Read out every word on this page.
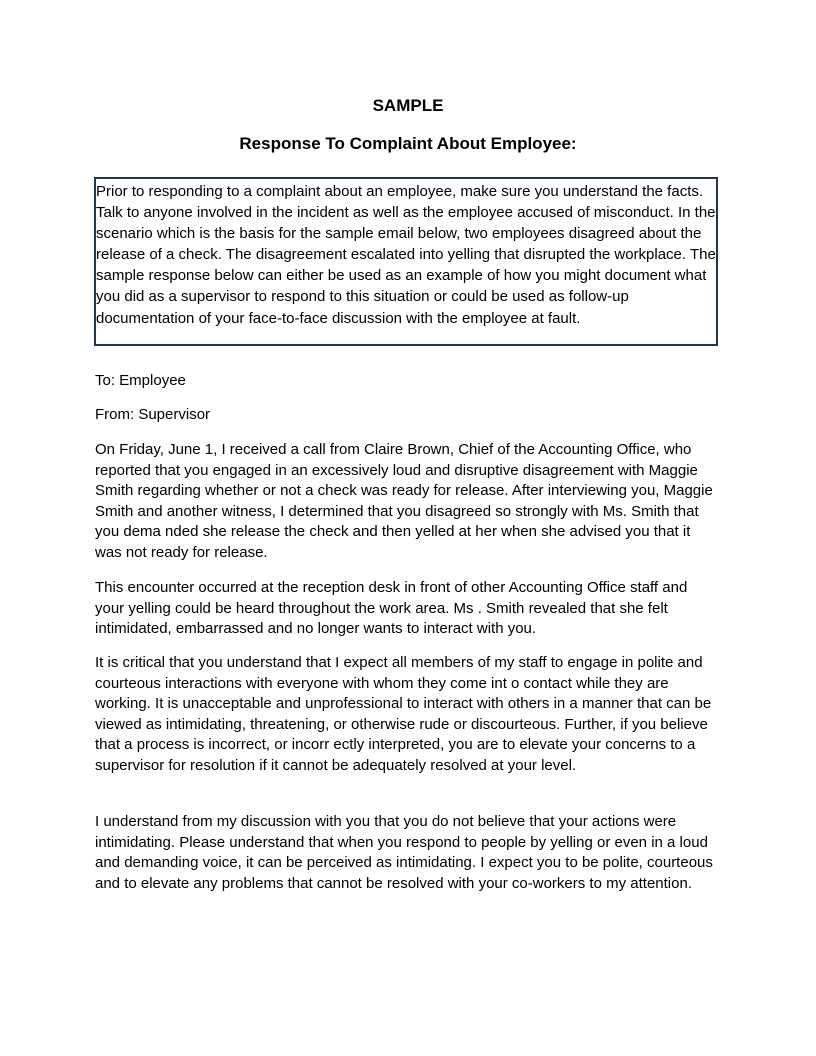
SAMPLE
Response To Complaint About Employee:
Prior to responding to a complaint about an employee, make sure you understand the facts. Talk to anyone involved in the incident as well as the employee accused of misconduct. In the scenario which is the basis for the sample email below, two employees disagreed about the release of a check. The disagreement escalated into yelling that disrupted the workplace. The sample response below can either be used as an example of how you might document what you did as a supervisor to respond to this situation or could be used as follow-up documentation of your face-to-face discussion with the employee at fault.

To: Employee

From: Supervisor

On Friday, June 1, I received a call from Claire Brown, Chief of the Accounting Office, who reported that you engaged in an excessively loud and disruptive disagreement with Maggie Smith regarding whether or not a check was ready for release. After interviewing you, Maggie Smith and another witness, I determined that you disagreed so strongly with Ms. Smith that you dema nded she release the check and then yelled at her when she advised you that it was not ready for release.

This encounter occurred at the reception desk in front of other Accounting Office staff and your yelling could be heard throughout the work area. Ms . Smith revealed that she felt intimidated, embarrassed and no longer wants to interact with you.

It is critical that you understand that I expect all members of my staff to engage in polite and courteous interactions with everyone with whom they come int o contact while they are working. It is unacceptable and unprofessional to interact with others in a manner that can be viewed as intimidating, threatening, or otherwise rude or discourteous. Further, if you believe that a process is incorrect, or incorr ectly interpreted, you are to elevate your concerns to a supervisor for resolution if it cannot be adequately resolved at your level.

I understand from my discussion with you that you do not believe that your actions were intimidating. Please understand that when you respond to people by yelling or even in a loud and demanding voice, it can be perceived as intimidating. I expect you to be polite, courteous and to elevate any problems that cannot be resolved with your co-workers to my attention.
